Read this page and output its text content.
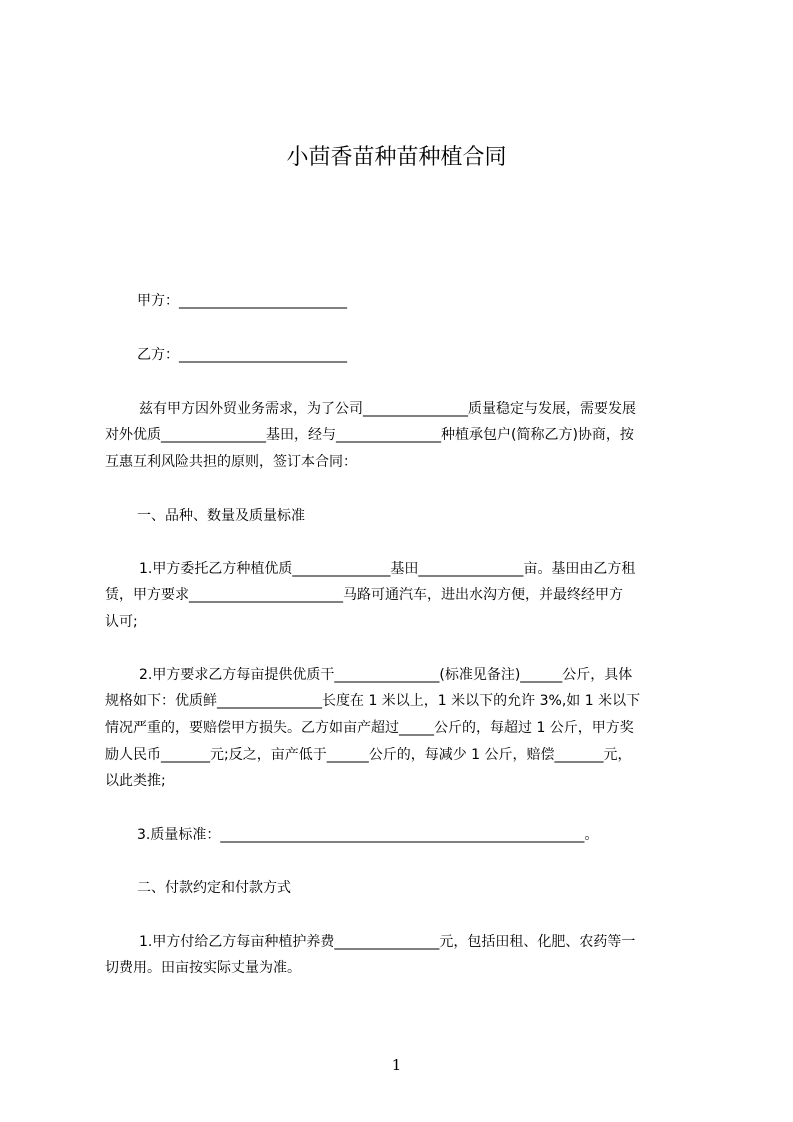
小茴香苗种苗种植合同
甲方：________________________
乙方：________________________
兹有甲方因外贸业务需求，为了公司_______________质量稳定与发展，需要发展
对外优质_______________基田，经与_______________种植承包户(简称乙方)协商，按
互惠互利风险共担的原则，签订本合同：
一、品种、数量及质量标准
1.甲方委托乙方种植优质______________基田_______________亩。基田由乙方租
赁，甲方要求______________________马路可通汽车，进出水沟方便，并最终经甲方
认可;
2.甲方要求乙方每亩提供优质干_______________(标准见备注)______公斤，具体
规格如下：优质鲜_______________长度在 1 米以上，1 米以下的允许 3%,如 1 米以下
情况严重的，要赔偿甲方损失。乙方如亩产超过_____公斤的，每超过 1 公斤，甲方奖
励人民币_______元;反之，亩产低于______公斤的，每减少 1 公斤，赔偿_______元，
以此类推;
3.质量标准：____________________________________________________。
二、付款约定和付款方式
1.甲方付给乙方每亩种植护养费_______________元，包括田租、化肥、农药等一
切费用。田亩按实际丈量为准。
1
